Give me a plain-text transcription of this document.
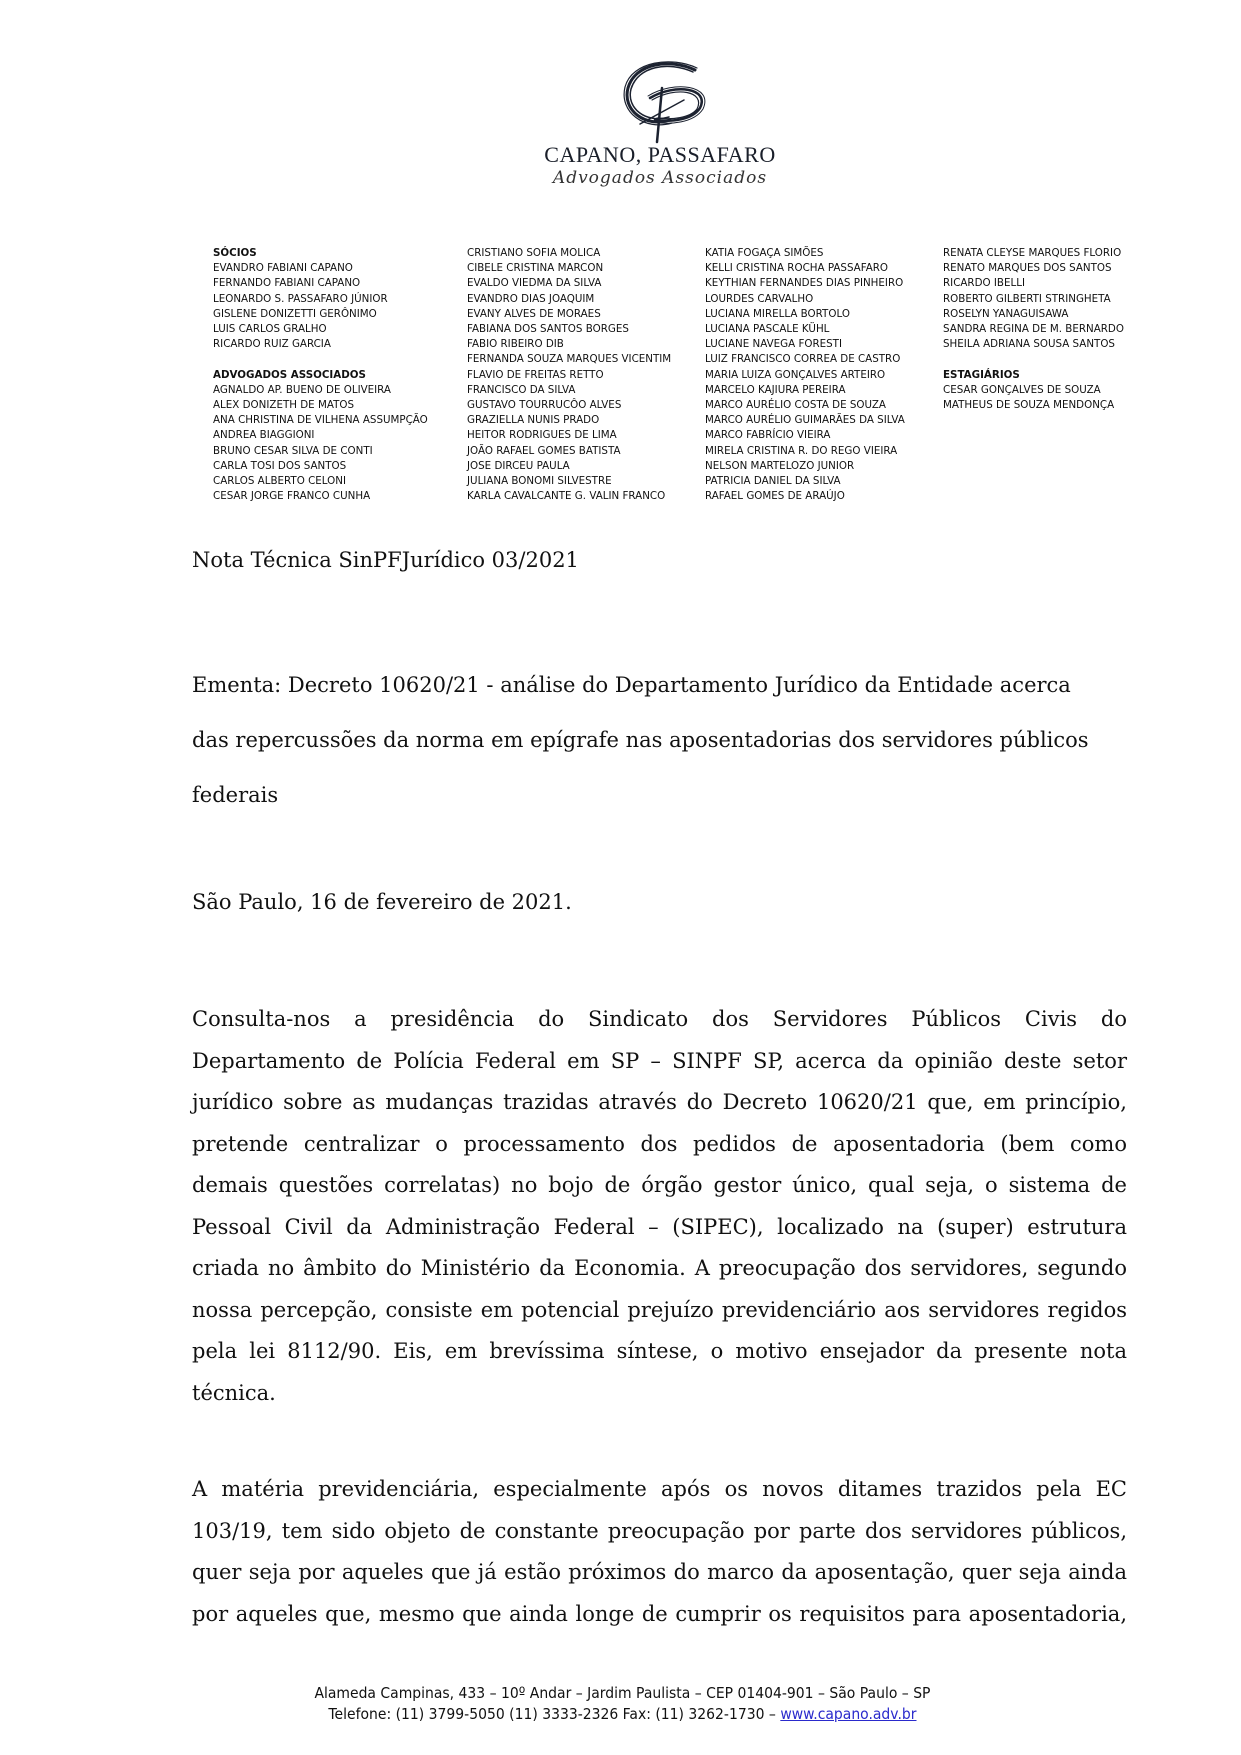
CAPANO, PASSAFARO
Advogados Associados
SÓCIOS
EVANDRO FABIANI CAPANO
FERNANDO FABIANI CAPANO
LEONARDO S. PASSAFARO JÚNIOR
GISLENE DONIZETTI GERÔNIMO
LUIS CARLOS GRALHO
RICARDO RUIZ GARCIA
ADVOGADOS ASSOCIADOS
AGNALDO AP. BUENO DE OLIVEIRA
ALEX DONIZETH DE MATOS
ANA CHRISTINA DE VILHENA ASSUMPÇÃO
ANDREA BIAGGIONI
BRUNO CESAR SILVA DE CONTI
CARLA TOSI DOS SANTOS
CARLOS ALBERTO CELONI
CESAR JORGE FRANCO CUNHA
CRISTIANO SOFIA MOLICA
CIBELE CRISTINA MARCON
EVALDO VIEDMA DA SILVA
EVANDRO DIAS JOAQUIM
EVANY ALVES DE MORAES
FABIANA DOS SANTOS BORGES
FABIO RIBEIRO DIB
FERNANDA SOUZA MARQUES VICENTIM
FLAVIO DE FREITAS RETTO
FRANCISCO DA SILVA
GUSTAVO TOURRUCÔO ALVES
GRAZIELLA NUNIS PRADO
HEITOR RODRIGUES DE LIMA
JOÃO RAFAEL GOMES BATISTA
JOSE DIRCEU PAULA
JULIANA BONOMI SILVESTRE
KARLA CAVALCANTE G. VALIN FRANCO
KATIA FOGAÇA SIMÕES
KELLI CRISTINA ROCHA PASSAFARO
KEYTHIAN FERNANDES DIAS PINHEIRO
LOURDES CARVALHO
LUCIANA MIRELLA BORTOLO
LUCIANA PASCALE KÜHL
LUCIANE NAVEGA FORESTI
LUIZ FRANCISCO CORREA DE CASTRO
MARIA LUIZA GONÇALVES ARTEIRO
MARCELO KAJIURA PEREIRA
MARCO AURÉLIO COSTA DE SOUZA
MARCO AURÉLIO GUIMARÃES DA SILVA
MARCO FABRÍCIO VIEIRA
MIRELA CRISTINA R. DO REGO VIEIRA
NELSON MARTELOZO JUNIOR
PATRICIA DANIEL DA SILVA
RAFAEL GOMES DE ARAÚJO
RENATA CLEYSE MARQUES FLORIO
RENATO MARQUES DOS SANTOS
RICARDO IBELLI
ROBERTO GILBERTI STRINGHETA
ROSELYN YANAGUISAWA
SANDRA REGINA DE M. BERNARDO
SHEILA ADRIANA SOUSA SANTOS
ESTAGIÁRIOS
CESAR GONÇALVES DE SOUZA
MATHEUS DE SOUZA MENDONÇA
Nota Técnica SinPFJurídico 03/2021

Ementa: Decreto 10620/21 - análise do Departamento Jurídico da Entidade acerca

das repercussões da norma em epígrafe nas aposentadorias dos servidores públicos

federais

São Paulo, 16 de fevereiro de 2021.
Consulta-nos a presidência do Sindicato dos Servidores Públicos Civis do
Departamento de Polícia Federal em SP – SINPF SP, acerca da opinião deste setor
jurídico sobre as mudanças trazidas através do Decreto 10620/21 que, em princípio,
pretende centralizar o processamento dos pedidos de aposentadoria (bem como
demais questões correlatas) no bojo de órgão gestor único, qual seja, o sistema de
Pessoal Civil da Administração Federal – (SIPEC), localizado na (super) estrutura
criada no âmbito do Ministério da Economia. A preocupação dos servidores, segundo
nossa percepção, consiste em potencial prejuízo previdenciário aos servidores regidos
pela lei 8112/90. Eis, em brevíssima síntese, o motivo ensejador da presente nota
técnica.
A matéria previdenciária, especialmente após os novos ditames trazidos pela EC
103/19, tem sido objeto de constante preocupação por parte dos servidores públicos,
quer seja por aqueles que já estão próximos do marco da aposentação, quer seja ainda
por aqueles que, mesmo que ainda longe de cumprir os requisitos para aposentadoria,
Alameda Campinas, 433 – 10º Andar – Jardim Paulista – CEP 01404-901 – São Paulo – SP
Telefone: (11) 3799-5050 (11) 3333-2326 Fax: (11) 3262-1730 – www.capano.adv.br
